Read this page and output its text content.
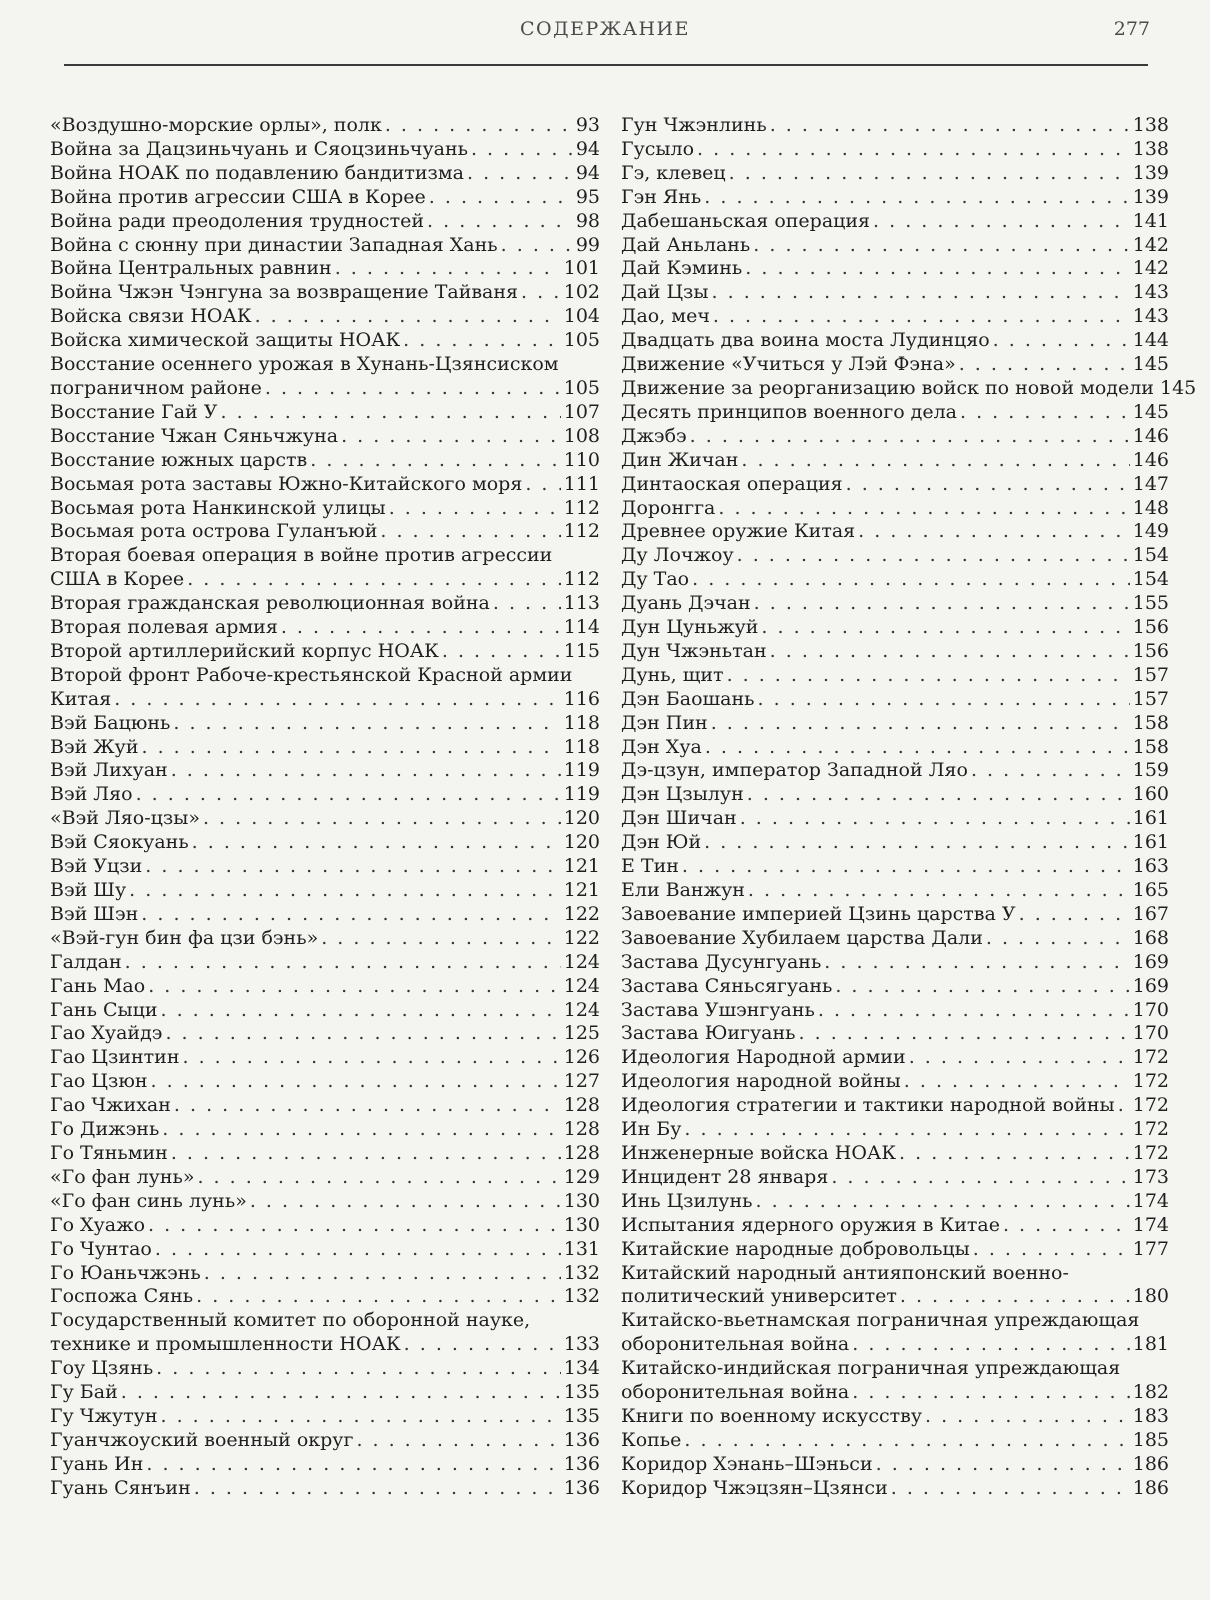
СОДЕРЖАНИЕ	277
«Воздушно-морские орлы», полк . . .	93
Война за Дацзиньчуань и Сяоцзиньчуань . . .	94
Война НОАК по подавлению бандитизма . . .	94
Война против агрессии США в Корее . . .	95
Война ради преодоления трудностей . . .	98
Война с сюнну при династии Западная Хань . . .	99
Война Центральных равнин . . .	101
Война Чжэн Чэнгуна за возвращение Тайваня . . . 102
Войска связи НОАК . . .	104
Войска химической защиты НОАК . . .	105
Восстание осеннего урожая в Хунань-Цзянсиском
пограничном районе . . .	105
Восстание Гай У . . .	107
Восстание Чжан Сяньчжуна . . .	108
Восстание южных царств . . .	110
Восьмая рота заставы Южно-Китайского моря . . . 111
Восьмая рота Нанкинской улицы . . .	112
Восьмая рота острова Гуланъюй . . .	112
Вторая боевая операция в войне против агрессии
США в Корее . . .	112
Вторая гражданская революционная война . . .	113
Вторая полевая армия . . .	114
Второй артиллерийский корпус НОАК . . .	115
Второй фронт Рабоче-крестьянской Красной армии
Китая . . .	116
Вэй Бацюнь . . .	118
Вэй Жуй . . .	118
Вэй Лихуан . . .	119
Вэй Ляо . . .	119
«Вэй Ляо-цзы» . . .	120
Вэй Сяокуань . . .	120
Вэй Уцзи . . .	121
Вэй Шу . . .	121
Вэй Шэн . . .	122
«Вэй-гун бин фа цзи бэнь» . . .	122
Галдан . . .	124
Гань Мао . . .	124
Гань Сыци . . .	124
Гао Хуайдэ . . .	125
Гао Цзинтин . . .	126
Гао Цзюн . . .	127
Гао Чжихан . . .	128
Го Дижэнь . . .	128
Го Тяньмин . . .	128
«Го фан лунь» . . .	129
«Го фан синь лунь» . . .	130
Го Хуажо . . .	130
Го Чунтао . . .	131
Го Юаньчжэнь . . .	132
Госпожа Сянь . . .	132
Государственный комитет по оборонной науке,
технике и промышленности НОАК . . .	133
Гоу Цзянь . . .	134
Гу Бай . . .	135
Гу Чжутун . . .	135
Гуанчжоуский военный округ . . .	136
Гуань Ин . . .	136
Гуань Сянъин . . .	136
Гун Чжэнлинь . . .	138
Гусыло . . .	138
Гэ, клевец . . .	139
Гэн Янь . . .	139
Дабешаньская операция . . .	141
Дай Аньлань . . .	142
Дай Кэминь . . .	142
Дай Цзы . . .	143
Дао, меч . . .	143
Двадцать два воина моста Лудинцяо . . .	144
Движение «Учиться у Лэй Фэна» . . .	145
Движение за реорганизацию войск по новой модели 145
Десять принципов военного дела . . .	145
Джэбэ . . .	146
Дин Жичан . . .	146
Динтаоская операция . . .	147
Доронгга . . .	148
Древнее оружие Китая . . .	149
Ду Лочжоу . . .	154
Ду Тао . . .	154
Дуань Дэчан . . .	155
Дун Цуньжуй . . .	156
Дун Чжэньтан . . .	156
Дунь, щит . . .	157
Дэн Баошань . . .	157
Дэн Пин . . .	158
Дэн Хуа . . .	158
Дэ-цзун, император Западной Ляо . . .	159
Дэн Цзылун . . .	160
Дэн Шичан . . .	161
Дэн Юй . . .	161
Е Тин . . .	163
Ели Ванжун . . .	165
Завоевание империей Цзинь царства У . . .	167
Завоевание Хубилаем царства Дали . . .	168
Застава Дусунгуань . . .	169
Застава Сяньсягуань . . .	169
Застава Ушэнгуань . . .	170
Застава Юигуань . . .	170
Идеология Народной армии . . .	172
Идеология народной войны . . .	172
Идеология стратегии и тактики народной войны . . . 172
Ин Бу . . .	172
Инженерные войска НОАК . . .	172
Инцидент 28 января . . .	173
Инь Цзилунь . . .	174
Испытания ядерного оружия в Китае . . .	174
Китайские народные добровольцы . . .	177
Китайский народный антияпонский военно-
политический университет . . .	180
Китайско-вьетнамская пограничная упреждающая
оборонительная война . . .	181
Китайско-индийская пограничная упреждающая
оборонительная война . . .	182
Книги по военному искусству . . .	183
Копье . . .	185
Коридор Хэнань–Шэньси . . .	186
Коридор Чжэцзян–Цзянси . . .	186
